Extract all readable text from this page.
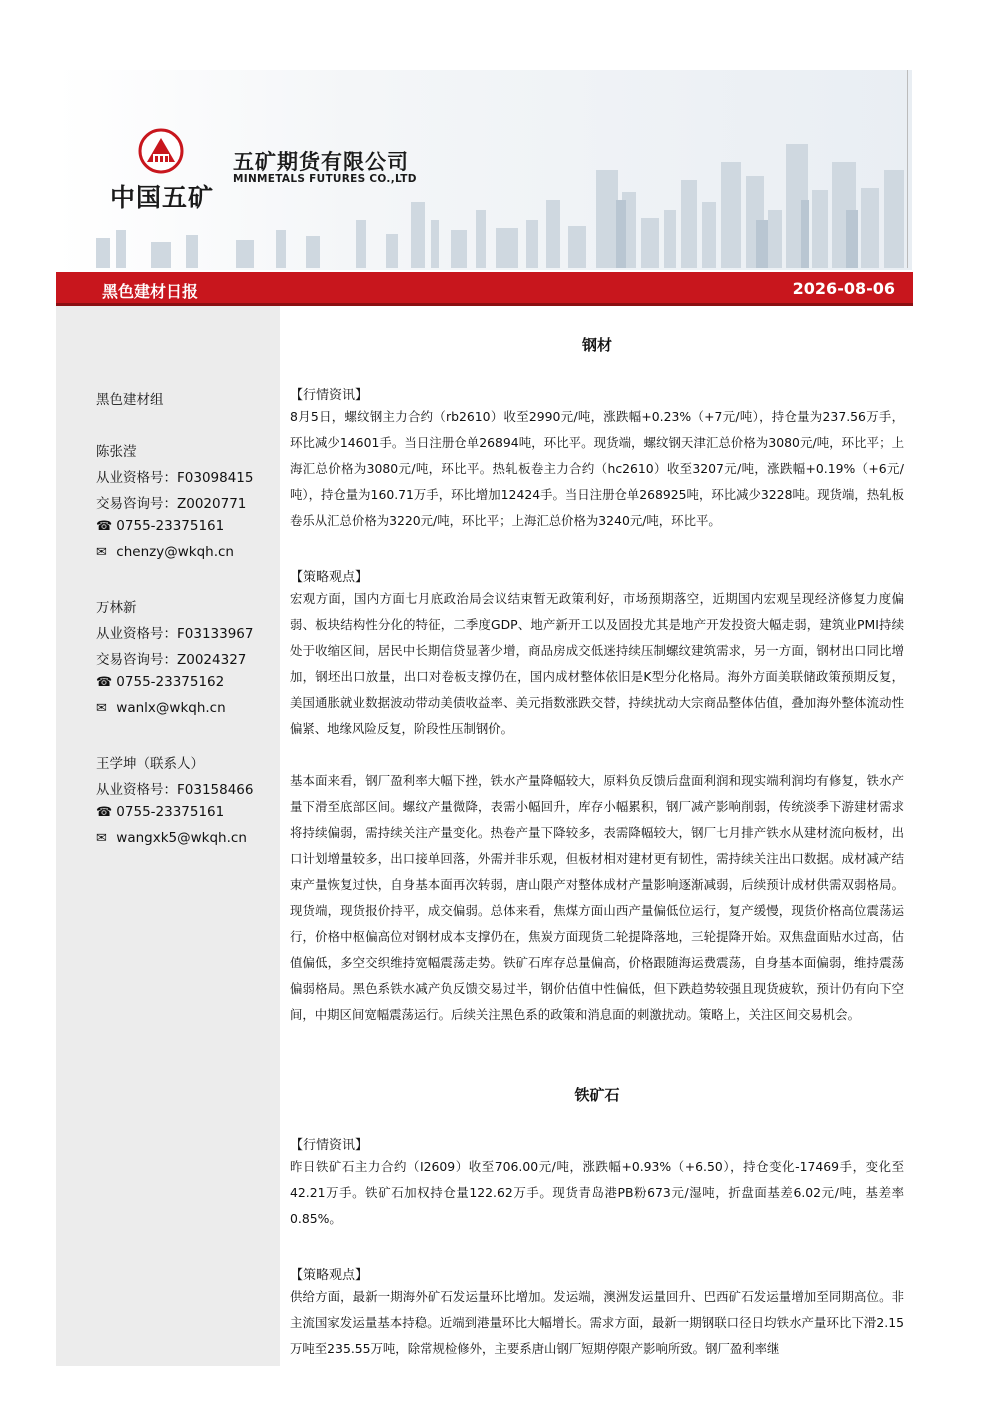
中国五矿
五矿期货有限公司
MINMETALS FUTURES CO.,LTD
黑色建材日报	2026-08-06
黑色建材组
陈张滢
从业资格号：F03098415
交易咨询号：Z0020771
☎ 0755-23375161
✉ chenzy@wkqh.cn
万林新
从业资格号：F03133967
交易咨询号：Z0024327
☎ 0755-23375162
✉ wanlx@wkqh.cn
王学坤（联系人）
从业资格号：F03158466
☎ 0755-23375161
✉ wangxk5@wkqh.cn
钢材
【行情资讯】

8月5日，螺纹钢主力合约（rb2610）收至2990元/吨，涨跌幅+0.23%（+7元/吨），持仓量为237.56万手，环比减少14601手。当日注册仓单26894吨，环比平。现货端，螺纹钢天津汇总价格为3080元/吨，环比平；上海汇总价格为3080元/吨，环比平。热轧板卷主力合约（hc2610）收至3207元/吨，涨跌幅+0.19%（+6元/吨），持仓量为160.71万手，环比增加12424手。当日注册仓单268925吨，环比减少3228吨。现货端，热轧板卷乐从汇总价格为3220元/吨，环比平；上海汇总价格为3240元/吨，环比平。

【策略观点】

宏观方面，国内方面七月底政治局会议结束暂无政策利好，市场预期落空，近期国内宏观呈现经济修复力度偏弱、板块结构性分化的特征，二季度GDP、地产新开工以及固投尤其是地产开发投资大幅走弱，建筑业PMI持续处于收缩区间，居民中长期信贷显著少增，商品房成交低迷持续压制螺纹建筑需求，另一方面，钢材出口同比增加，钢坯出口放量，出口对卷板支撑仍在，国内成材整体依旧是K型分化格局。海外方面美联储政策预期反复，美国通胀就业数据波动带动美债收益率、美元指数涨跌交替，持续扰动大宗商品整体估值，叠加海外整体流动性偏紧、地缘风险反复，阶段性压制钢价。

基本面来看，钢厂盈利率大幅下挫，铁水产量降幅较大，原料负反馈后盘面利润和现实端利润均有修复，铁水产量下滑至底部区间。螺纹产量微降，表需小幅回升，库存小幅累积，钢厂减产影响削弱，传统淡季下游建材需求将持续偏弱，需持续关注产量变化。热卷产量下降较多，表需降幅较大，钢厂七月排产铁水从建材流向板材，出口计划增量较多，出口接单回落，外需并非乐观，但板材相对建材更有韧性，需持续关注出口数据。成材减产结束产量恢复过快，自身基本面再次转弱，唐山限产对整体成材产量影响逐渐减弱，后续预计成材供需双弱格局。现货端，现货报价持平，成交偏弱。总体来看，焦煤方面山西产量偏低位运行，复产缓慢，现货价格高位震荡运行，价格中枢偏高位对钢材成本支撑仍在，焦炭方面现货二轮提降落地，三轮提降开始。双焦盘面贴水过高，估值偏低，多空交织维持宽幅震荡走势。铁矿石库存总量偏高，价格跟随海运费震荡，自身基本面偏弱，维持震荡偏弱格局。黑色系铁水减产负反馈交易过半，钢价估值中性偏低，但下跌趋势较强且现货疲软，预计仍有向下空间，中期区间宽幅震荡运行。后续关注黑色系的政策和消息面的刺激扰动。策略上，关注区间交易机会。

铁矿石
【行情资讯】

昨日铁矿石主力合约（I2609）收至706.00元/吨，涨跌幅+0.93%（+6.50），持仓变化-17469手，变化至42.21万手。铁矿石加权持仓量122.62万手。现货青岛港PB粉673元/湿吨，折盘面基差6.02元/吨，基差率0.85%。

【策略观点】

供给方面，最新一期海外矿石发运量环比增加。发运端，澳洲发运量回升、巴西矿石发运量增加至同期高位。非主流国家发运量基本持稳。近端到港量环比大幅增长。需求方面，最新一期钢联口径日均铁水产量环比下滑2.15万吨至235.55万吨，除常规检修外，主要系唐山钢厂短期停限产影响所致。钢厂盈利率继
